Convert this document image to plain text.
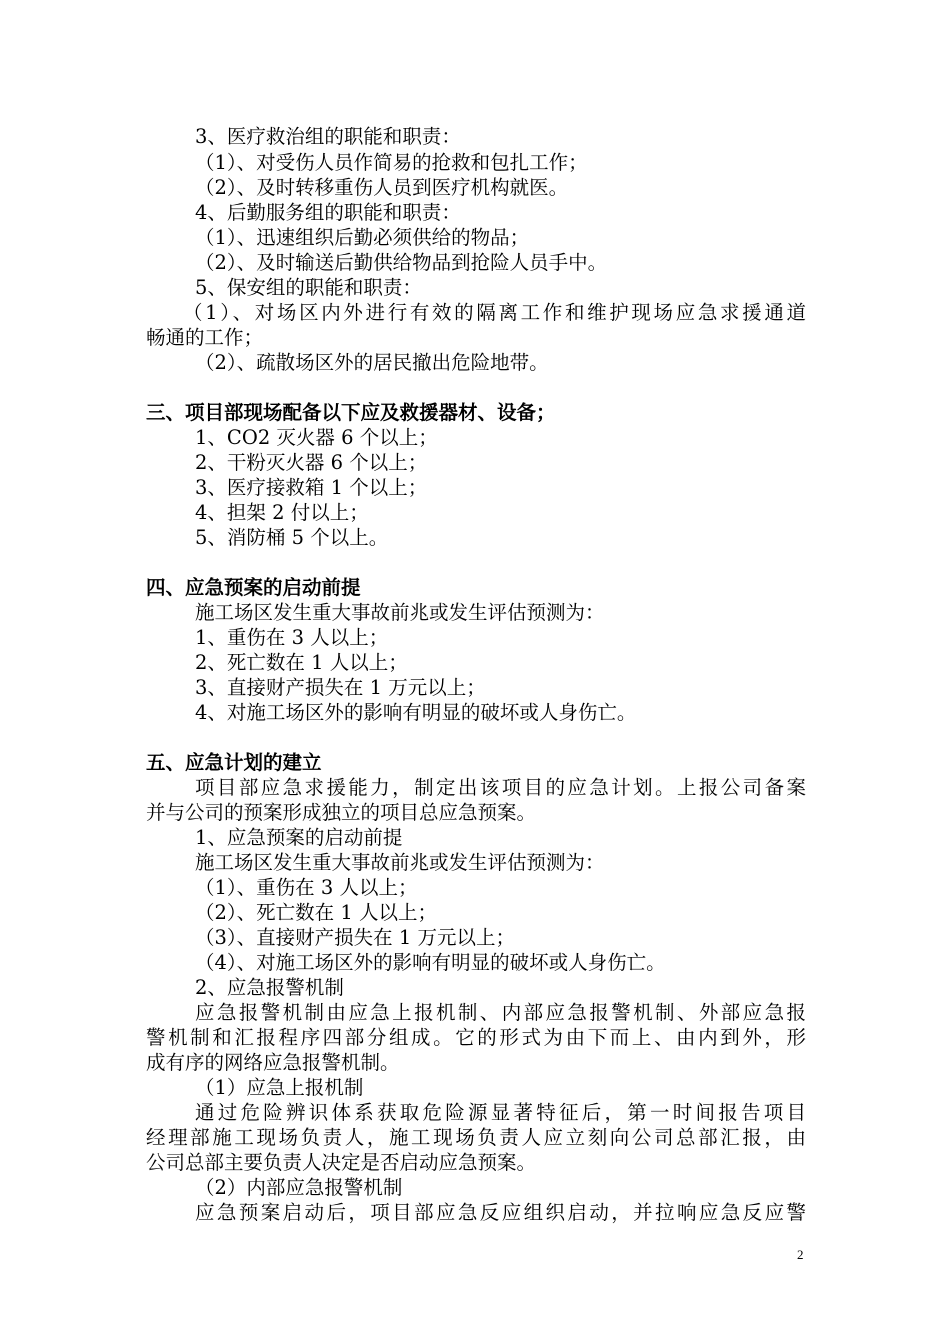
3、医疗救治组的职能和职责：
（1）、对受伤人员作简易的抢救和包扎工作；
（2）、及时转移重伤人员到医疗机构就医。
4、后勤服务组的职能和职责：
（1）、迅速组织后勤必须供给的物品；
（2）、及时输送后勤供给物品到抢险人员手中。
5、保安组的职能和职责：
（1）、对场区内外进行有效的隔离工作和维护现场应急求援通道
畅通的工作；
（2）、疏散场区外的居民撤出危险地带。
三、项目部现场配备以下应及救援器材、设备；
1、CO2 灭火器 6 个以上；
2、干粉灭火器 6 个以上；
3、医疗接救箱 1 个以上；
4、担架 2 付以上；
5、消防桶 5 个以上。
四、应急预案的启动前提
施工场区发生重大事故前兆或发生评估预测为：
1、重伤在 3 人以上；
2、死亡数在 1 人以上；
3、直接财产损失在 1 万元以上；
4、对施工场区外的影响有明显的破坏或人身伤亡。
五、应急计划的建立
项目部应急求援能力，制定出该项目的应急计划。上报公司备案
并与公司的预案形成独立的项目总应急预案。
1、应急预案的启动前提
施工场区发生重大事故前兆或发生评估预测为：
（1）、重伤在 3 人以上；
（2）、死亡数在 1 人以上；
（3）、直接财产损失在 1 万元以上；
（4）、对施工场区外的影响有明显的破坏或人身伤亡。
2、应急报警机制
应急报警机制由应急上报机制、内部应急报警机制、外部应急报
警机制和汇报程序四部分组成。它的形式为由下而上、由内到外，形
成有序的网络应急报警机制。
（1）应急上报机制
通过危险辨识体系获取危险源显著特征后，第一时间报告项目
经理部施工现场负责人，施工现场负责人应立刻向公司总部汇报，由
公司总部主要负责人决定是否启动应急预案。
（2）内部应急报警机制
应急预案启动后，项目部应急反应组织启动，并拉响应急反应警
2
